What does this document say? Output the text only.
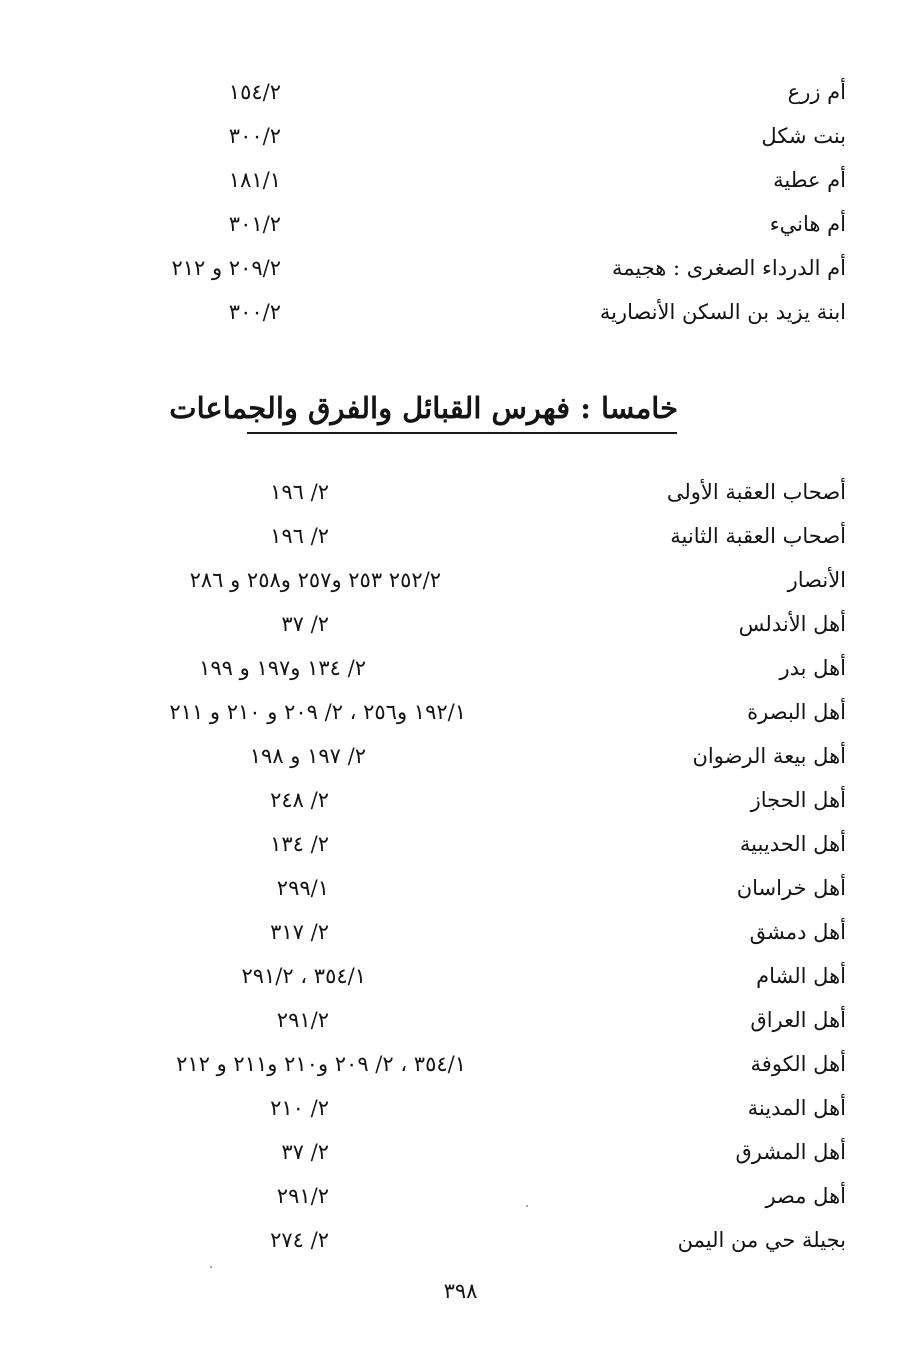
أم زرع
١٥٤/٢
بنت شكل
٣٠٠/٢
أم عطية
١٨١/١
أم هانيء
٣٠١/٢
أم الدرداء الصغرى : هجيمة
٢٠٩/٢ و ٢١٢
ابنة يزيد بن السكن الأنصارية
٣٠٠/٢
خامسا : فهرس القبائل والفرق والجماعات
أصحاب العقبة الأولى
٢/ ١٩٦
أصحاب العقبة الثانية
٢/ ١٩٦
الأنصار
٢٥٢/٢ ٢٥٣ و٢٥٧ و٢٥٨ و ٢٨٦
أهل الأندلس
٢/ ٣٧
أهل بدر
٢/ ١٣٤ و١٩٧ و ١٩٩
أهل البصرة
١٩٢/١ و٢٥٦ ، ٢/ ٢٠٩ و ٢١٠ و ٢١١
أهل بيعة الرضوان
٢/ ١٩٧ و ١٩٨
أهل الحجاز
٢/ ٢٤٨
أهل الحديبية
٢/ ١٣٤
أهل خراسان
٢٩٩/١
أهل دمشق
٢/ ٣١٧
أهل الشام
٣٥٤/١ ، ٢٩١/٢
أهل العراق
٢٩١/٢
أهل الكوفة
٣٥٤/١ ، ٢/ ٢٠٩ و٢١٠ و٢١١ و ٢١٢
أهل المدينة
٢/ ٢١٠
أهل المشرق
٢/ ٣٧
أهل مصر
٢٩١/٢
بجيلة حي من اليمن
٢/ ٢٧٤
٣٩٨
